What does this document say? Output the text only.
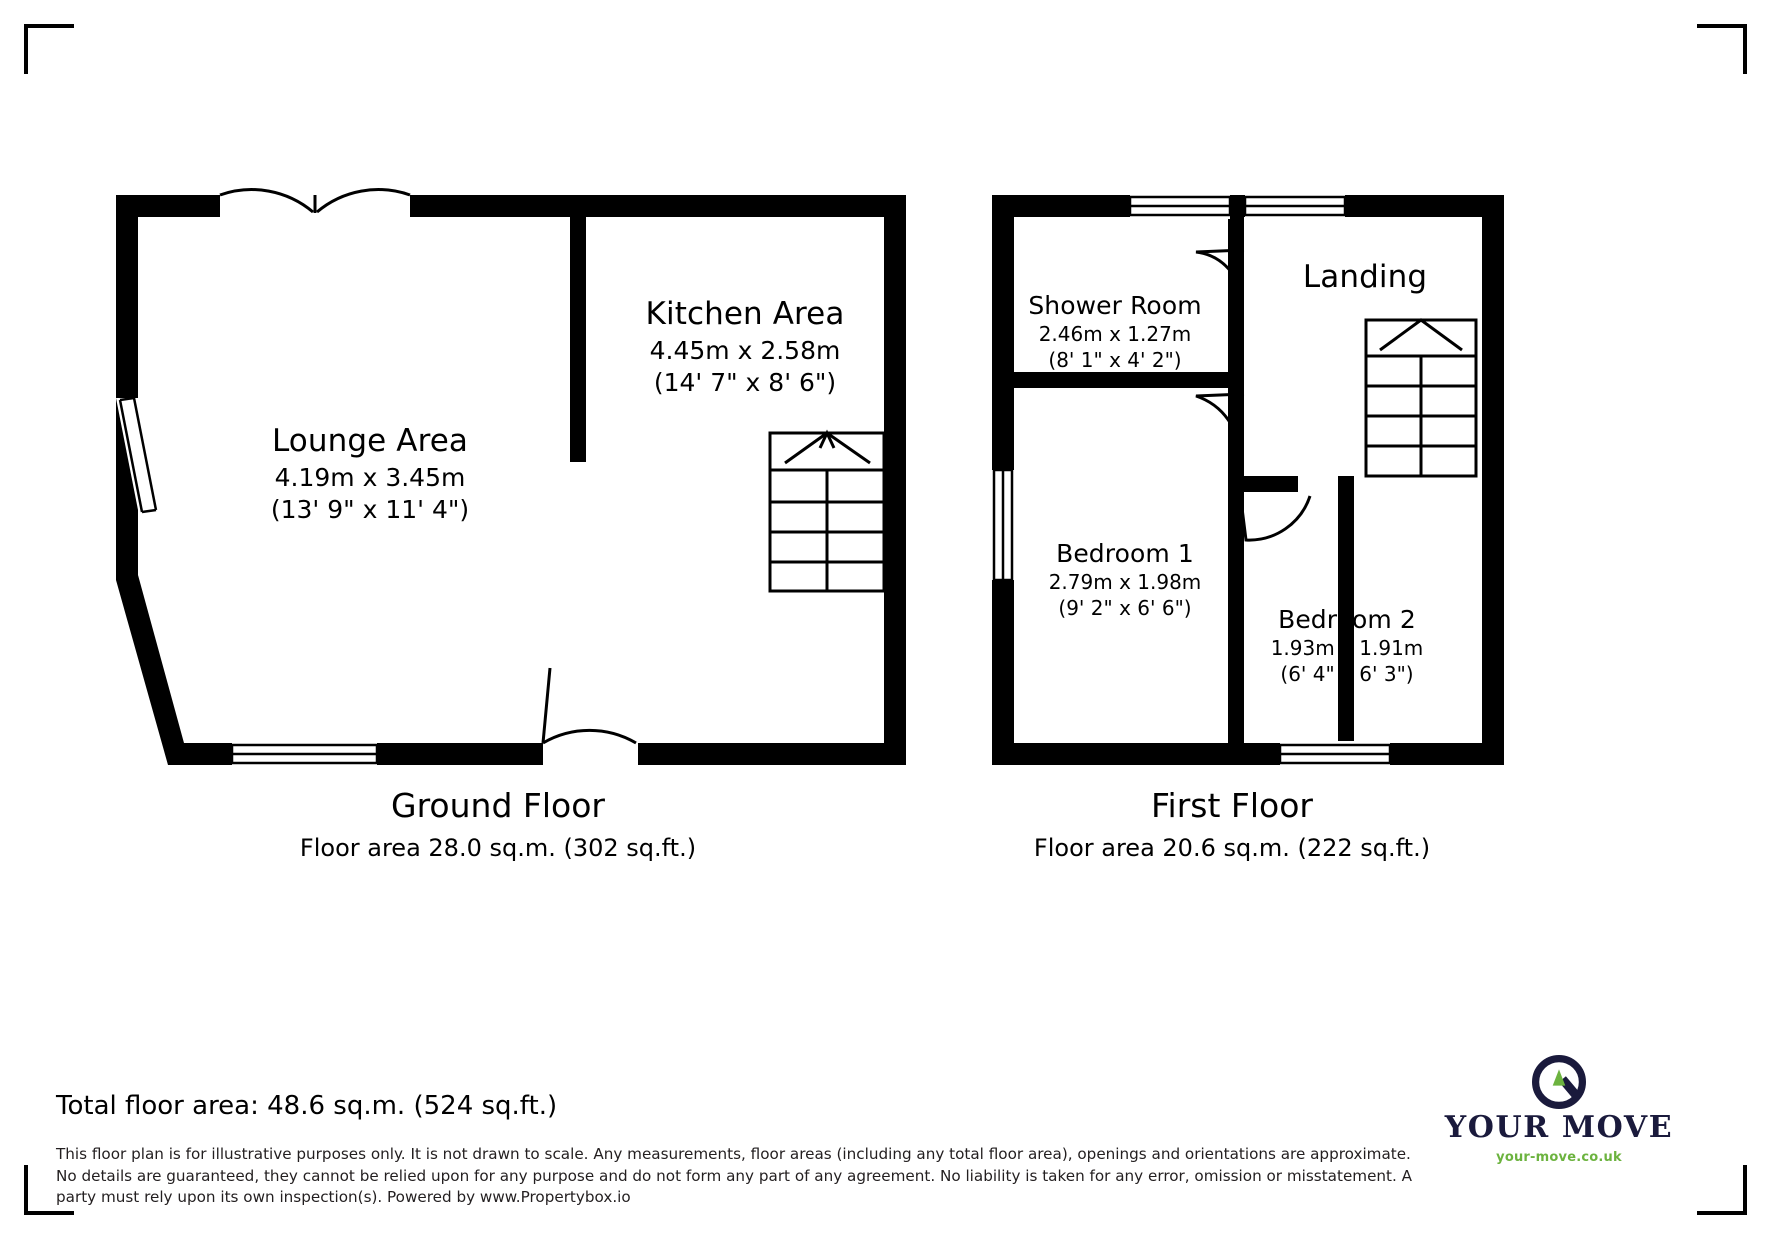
Kitchen Area
4.45m x 2.58m
(14' 7" x 8' 6")
Lounge Area
4.19m x 3.45m
(13' 9" x 11' 4")
Shower Room
2.46m x 1.27m
(8' 1" x 4' 2")
Landing
Bedroom 1
2.79m x 1.98m
(9' 2" x 6' 6")	Bedroom 2
1.93m x 1.91m
(6' 4" x 6' 3")
Ground Floor
Floor area 28.0 sq.m. (302 sq.ft.)
First Floor
Floor area 20.6 sq.m. (222 sq.ft.)
Total floor area: 48.6 sq.m. (524 sq.ft.)
This floor plan is for illustrative purposes only. It is not drawn to scale. Any measurements, floor areas (including any total floor area), openings and orientations are approximate. No details are guaranteed, they cannot be relied upon for any purpose and do not form any part of any agreement. No liability is taken for any error, omission or misstatement. A party must rely upon its own inspection(s). Powered by www.Propertybox.io
YOUR MOVE
your-move.co.uk
